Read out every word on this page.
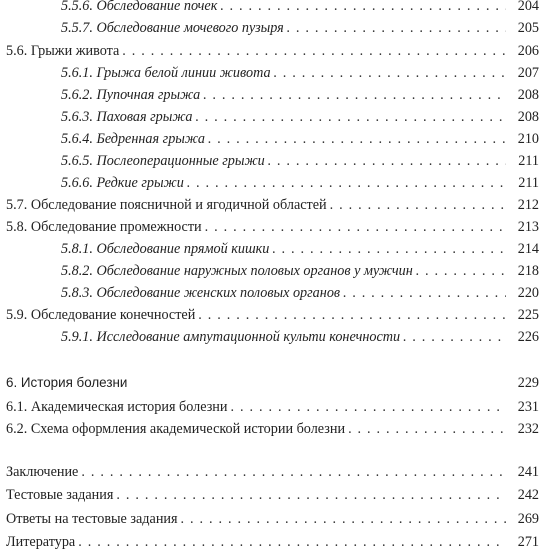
5.5.6. Обследование почек . . .	204
5.5.7. Обследование мочевого пузыря . . .	205
5.6. Грыжи живота . . .	206
5.6.1. Грыжа белой линии живота . . .	207
5.6.2. Пупочная грыжа . . .	208
5.6.3. Паховая грыжа . . .	208
5.6.4. Бедренная грыжа . . .	210
5.6.5. Послеоперационные грыжи . . .	211
5.6.6. Редкие грыжи . . .	211
5.7. Обследование поясничной и ягодичной областей . . .	212
5.8. Обследование промежности . . .	213
5.8.1. Обследование прямой кишки . . .	214
5.8.2. Обследование наружных половых органов у мужчин . . .	218
5.8.3. Обследование женских половых органов . . .	220
5.9. Обследование конечностей . . .	225
5.9.1. Исследование ампутационной культи конечности . . .	226
6. История болезни	229
6.1. Академическая история болезни . . .	231
6.2. Схема оформления академической истории болезни . . .	232
Заключение . . .	241
Тестовые задания . . .	242
Ответы на тестовые задания . . .	269
Литература . . .	271
